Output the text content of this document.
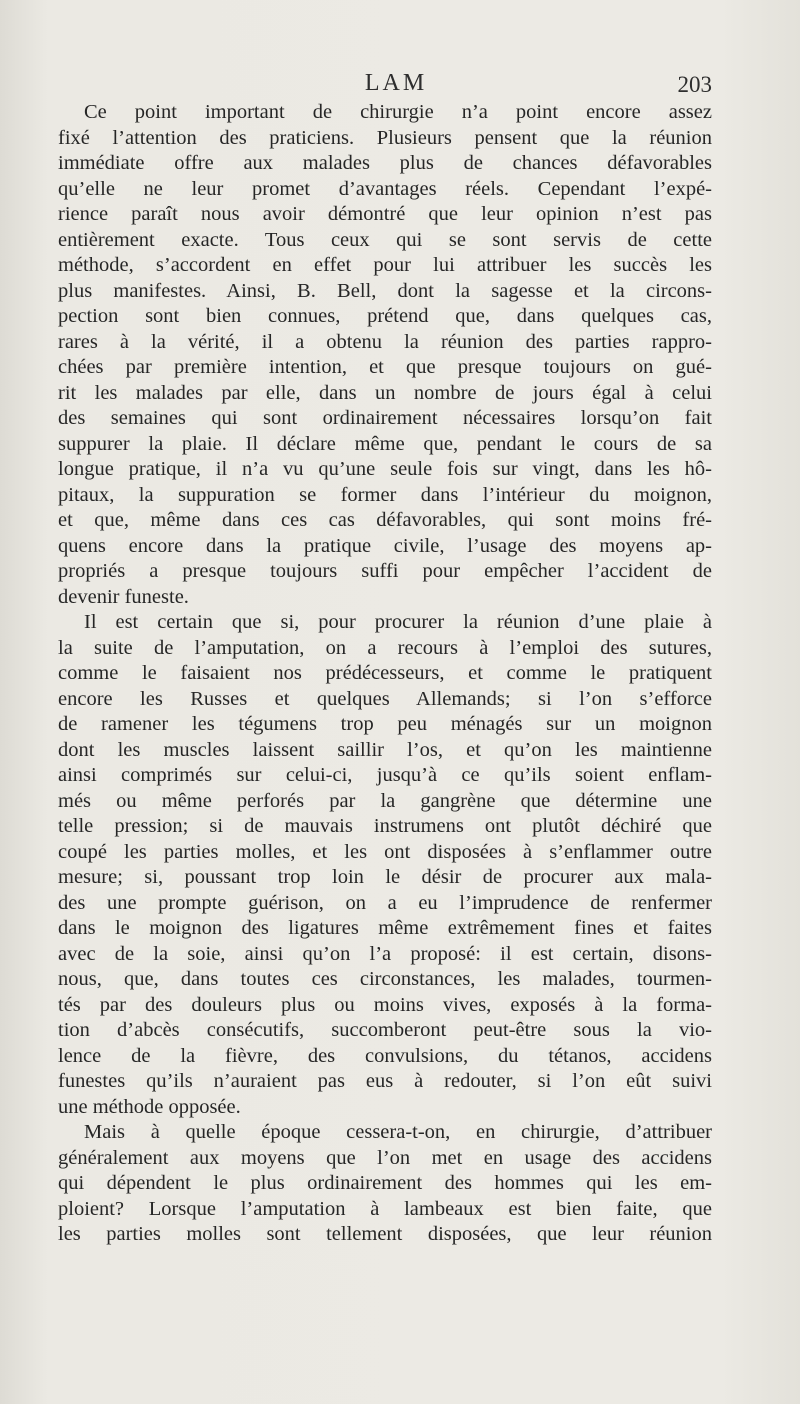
LAM	203
Ce point important de chirurgie n’a point encore assez
fixé l’attention des praticiens. Plusieurs pensent que la réunion
immédiate offre aux malades plus de chances défavorables
qu’elle ne leur promet d’avantages réels. Cependant l’expé-
rience paraît nous avoir démontré que leur opinion n’est pas
entièrement exacte. Tous ceux qui se sont servis de cette
méthode, s’accordent en effet pour lui attribuer les succès les
plus manifestes. Ainsi, B. Bell, dont la sagesse et la circons-
pection sont bien connues, prétend que, dans quelques cas,
rares à la vérité, il a obtenu la réunion des parties rappro-
chées par première intention, et que presque toujours on gué-
rit les malades par elle, dans un nombre de jours égal à celui
des semaines qui sont ordinairement nécessaires lorsqu’on fait
suppurer la plaie. Il déclare même que, pendant le cours de sa
longue pratique, il n’a vu qu’une seule fois sur vingt, dans les hô-
pitaux, la suppuration se former dans l’intérieur du moignon,
et que, même dans ces cas défavorables, qui sont moins fré-
quens encore dans la pratique civile, l’usage des moyens ap-
propriés a presque toujours suffi pour empêcher l’accident de
devenir funeste.
Il est certain que si, pour procurer la réunion d’une plaie à
la suite de l’amputation, on a recours à l’emploi des sutures,
comme le faisaient nos prédécesseurs, et comme le pratiquent
encore les Russes et quelques Allemands; si l’on s’efforce
de ramener les tégumens trop peu ménagés sur un moignon
dont les muscles laissent saillir l’os, et qu’on les maintienne
ainsi comprimés sur celui-ci, jusqu’à ce qu’ils soient enflam-
més ou même perforés par la gangrène que détermine une
telle pression; si de mauvais instrumens ont plutôt déchiré que
coupé les parties molles, et les ont disposées à s’enflammer outre
mesure; si, poussant trop loin le désir de procurer aux mala-
des une prompte guérison, on a eu l’imprudence de renfermer
dans le moignon des ligatures même extrêmement fines et faites
avec de la soie, ainsi qu’on l’a proposé: il est certain, disons-
nous, que, dans toutes ces circonstances, les malades, tourmen-
tés par des douleurs plus ou moins vives, exposés à la forma-
tion d’abcès consécutifs, succomberont peut-être sous la vio-
lence de la fièvre, des convulsions, du tétanos, accidens
funestes qu’ils n’auraient pas eus à redouter, si l’on eût suivi
une méthode opposée.
Mais à quelle époque cessera-t-on, en chirurgie, d’attribuer
généralement aux moyens que l’on met en usage des accidens
qui dépendent le plus ordinairement des hommes qui les em-
ploient? Lorsque l’amputation à lambeaux est bien faite, que
les parties molles sont tellement disposées, que leur réunion
